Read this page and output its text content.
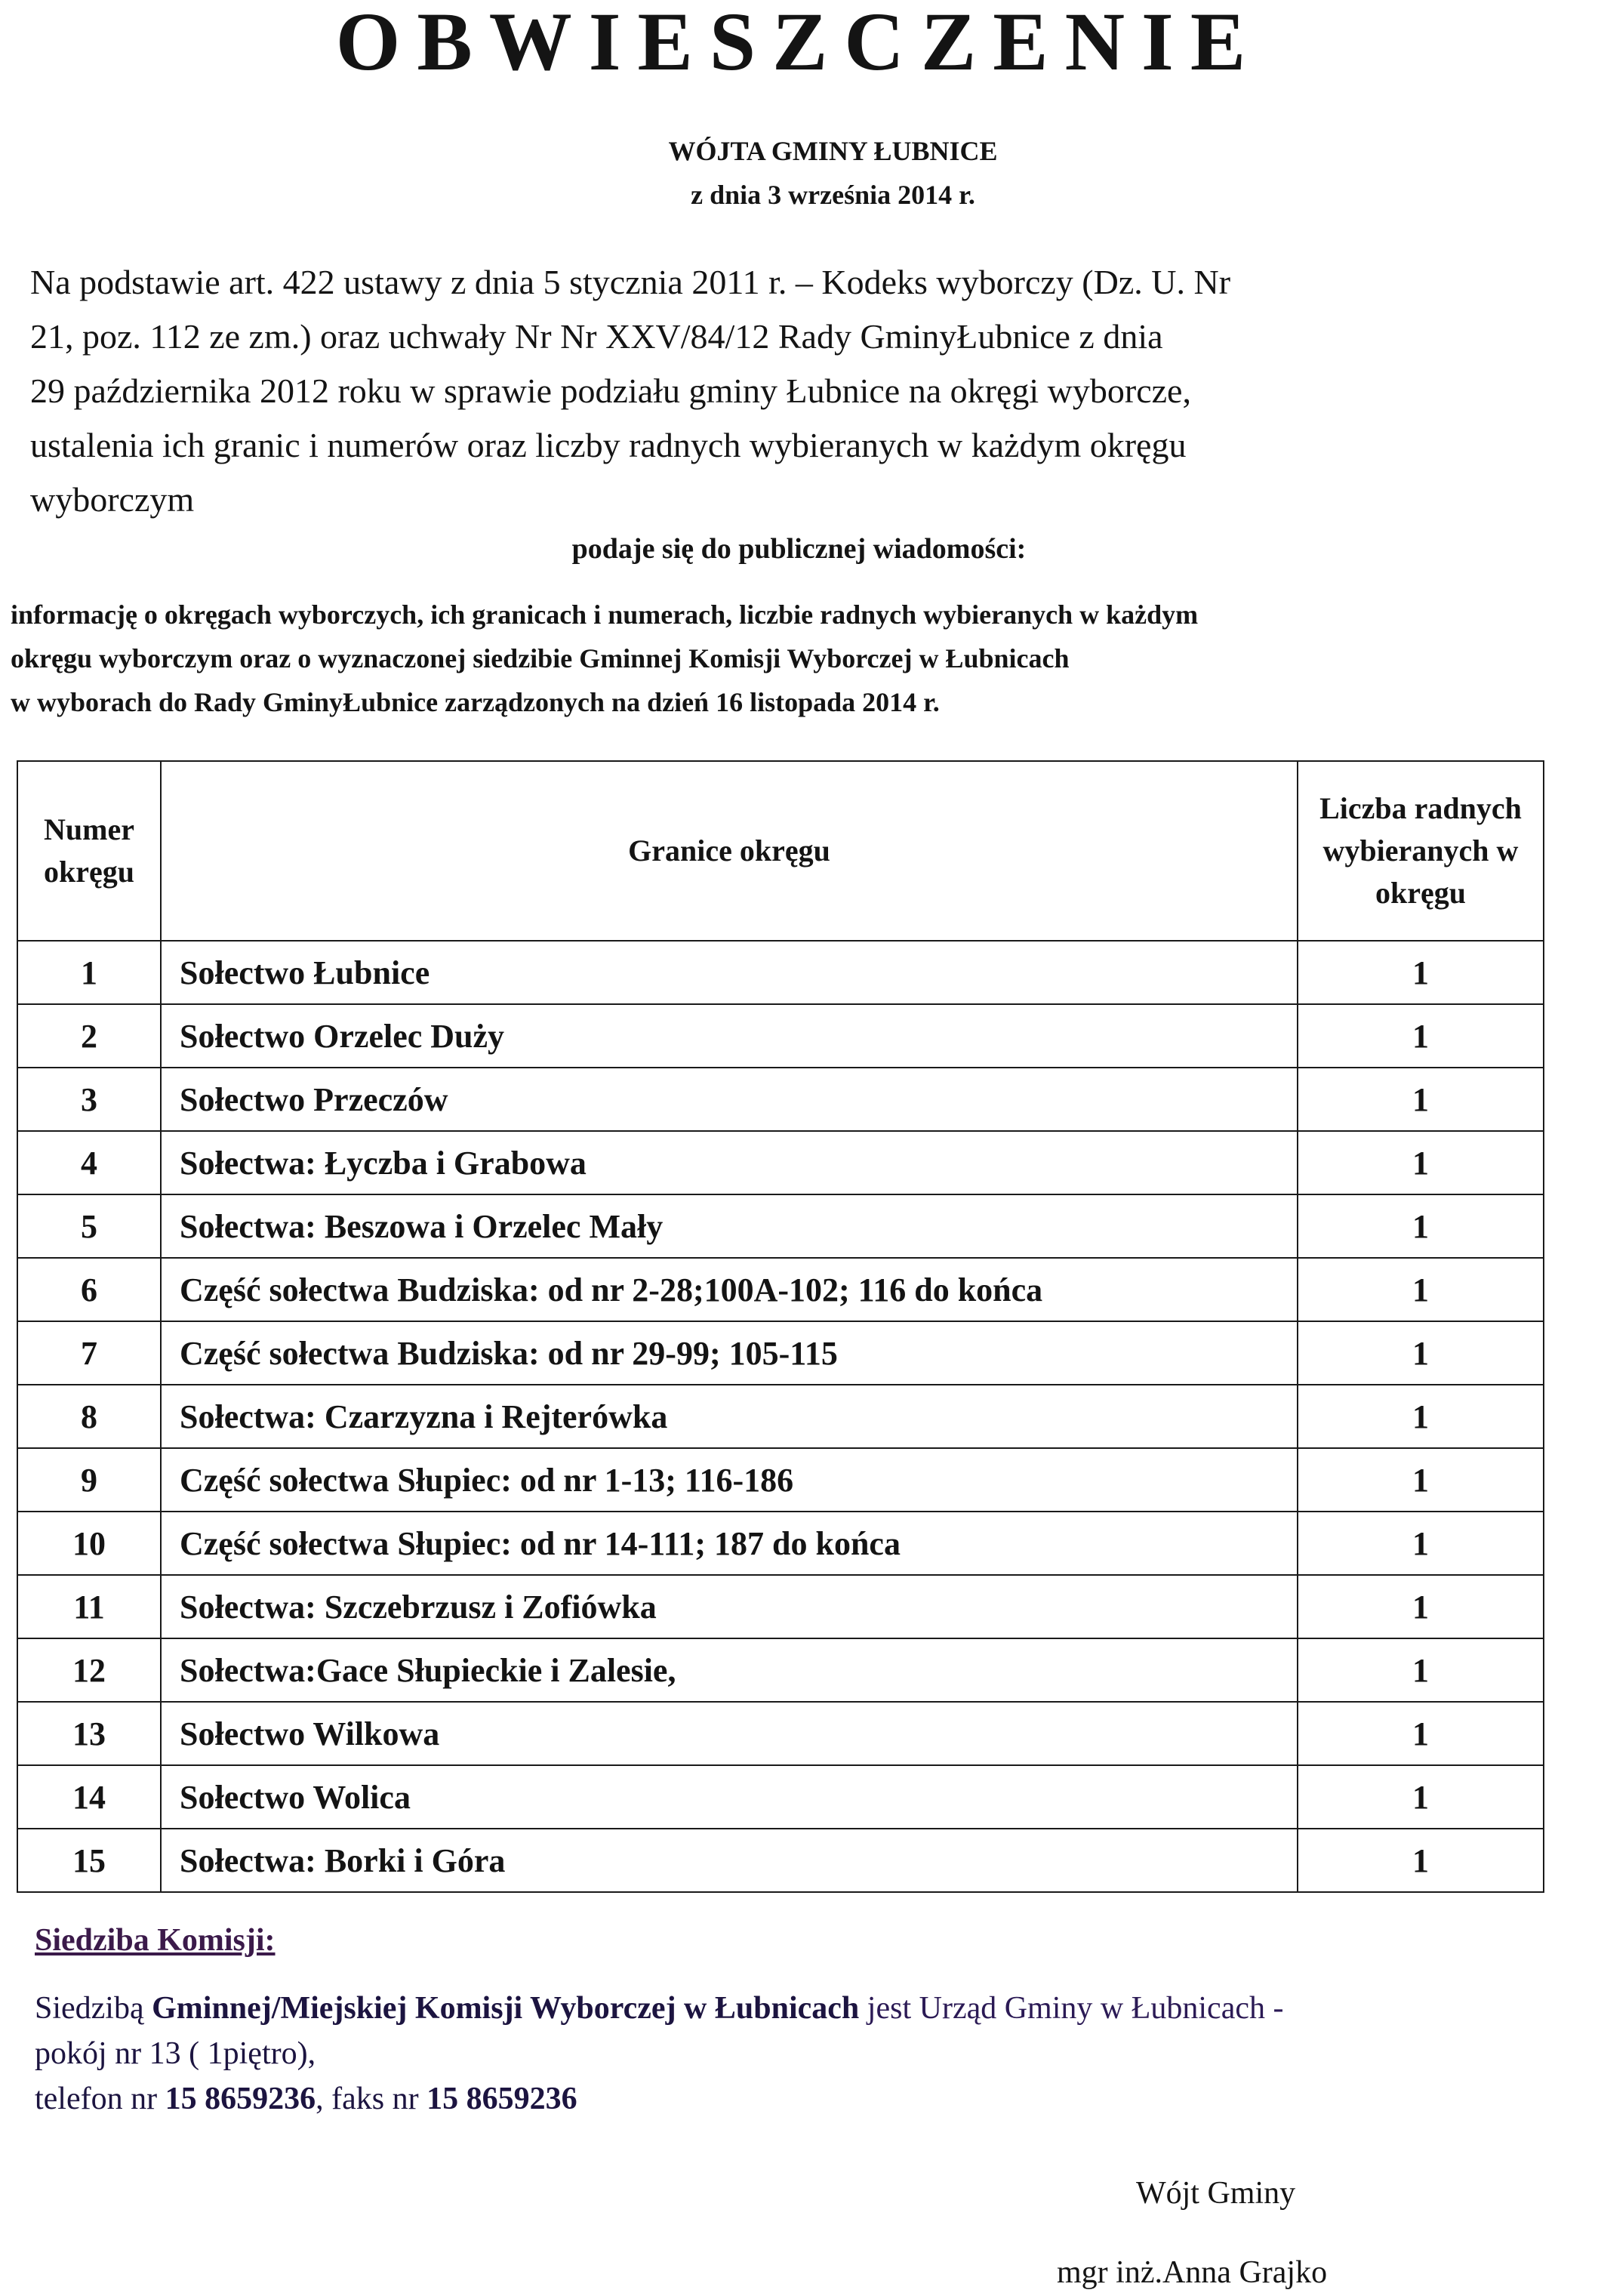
OBWIESZCZENIE
WÓJTA GMINY ŁUBNICE
z dnia 3 września 2014 r.
Na podstawie art. 422 ustawy z dnia 5 stycznia 2011 r. – Kodeks wyborczy (Dz. U. Nr
21, poz. 112 ze zm.) oraz uchwały Nr Nr XXV/84/12 Rady GminyŁubnice z dnia
29 października 2012 roku w sprawie podziału gminy Łubnice na okręgi wyborcze,
ustalenia ich granic i numerów oraz liczby radnych wybieranych w każdym okręgu
wyborczym
podaje się do publicznej wiadomości:
informację o okręgach wyborczych, ich granicach i numerach, liczbie radnych wybieranych w każdym
okręgu wyborczym oraz o wyznaczonej siedzibie Gminnej Komisji Wyborczej w Łubnicach
w wyborach do Rady GminyŁubnice zarządzonych na dzień 16 listopada 2014 r.
Numer okręgu	Granice okręgu	Liczba radnych wybieranych w okręgu
1	Sołectwo Łubnice	1
2	Sołectwo Orzelec Duży	1
3	Sołectwo Przeczów	1
4	Sołectwa: Łyczba i Grabowa	1
5	Sołectwa: Beszowa i Orzelec Mały	1
6	Część sołectwa Budziska: od nr 2-28;100A-102; 116 do końca	1
7	Część sołectwa Budziska: od nr 29-99; 105-115	1
8	Sołectwa: Czarzyzna i Rejterówka	1
9	Część sołectwa Słupiec: od nr 1-13; 116-186	1
10	Część sołectwa Słupiec: od nr 14-111; 187 do końca	1
11	Sołectwa: Szczebrzusz i Zofiówka	1
12	Sołectwa:Gace Słupieckie i Zalesie,	1
13	Sołectwo Wilkowa	1
14	Sołectwo Wolica	1
15	Sołectwa: Borki i Góra	1
Siedziba Komisji:
Siedzibą Gminnej/Miejskiej Komisji Wyborczej w Łubnicach jest Urząd Gminy w Łubnicach -
pokój nr 13 ( 1piętro),
telefon nr 15 8659236, faks nr 15 8659236
Wójt Gminy
mgr inż.Anna Grajko
